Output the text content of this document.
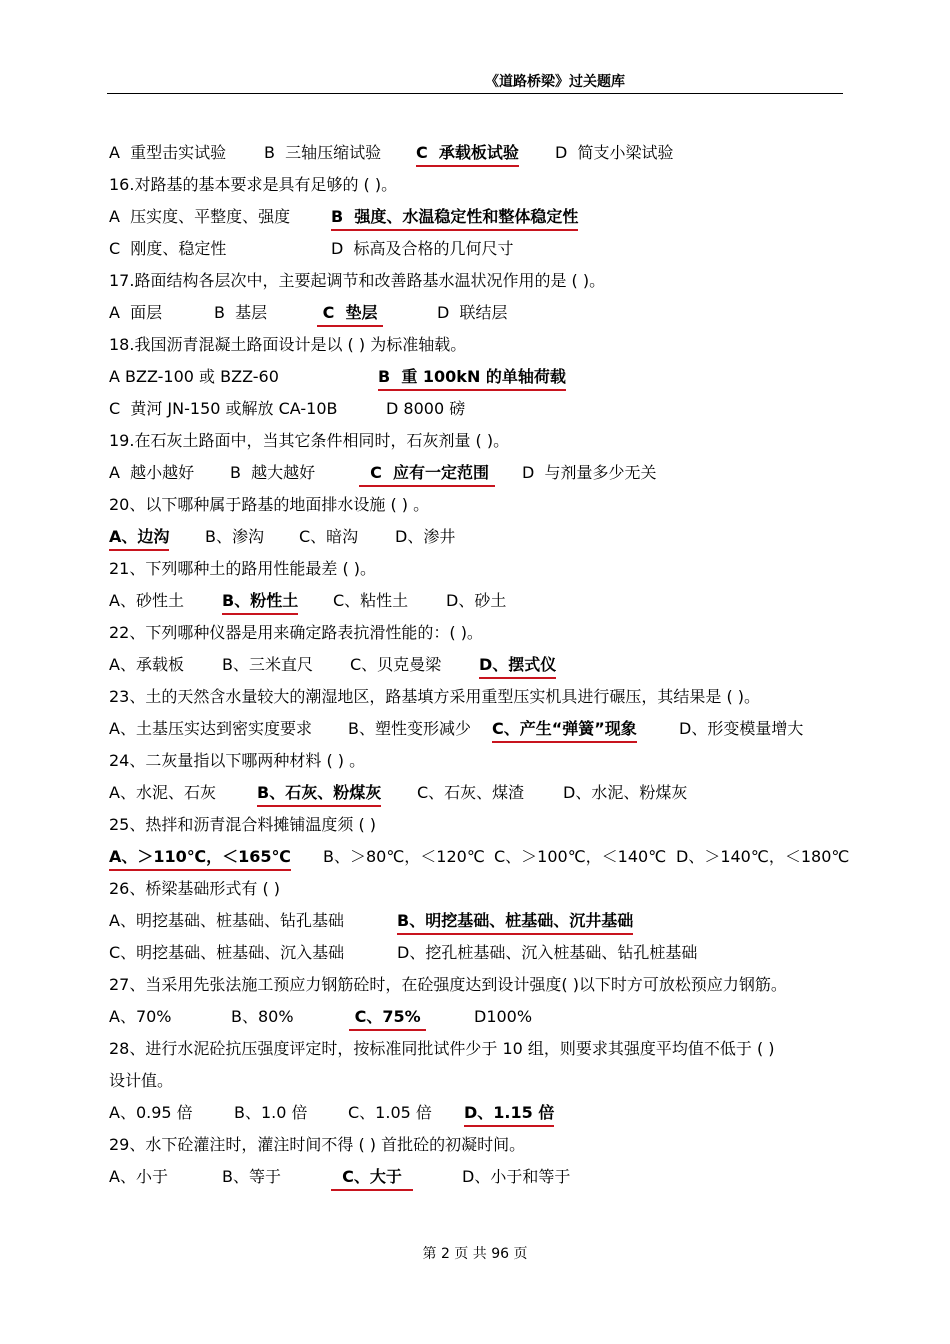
《道路桥梁》过关题库
A  重型击实试验 B  三轴压缩试验 C  承载板试验 D  简支小梁试验
16.对路基的基本要求是具有足够的 ( )。
A  压实度、平整度、强度	B  强度、水温稳定性和整体稳定性
C  刚度、稳定性	D  标高及合格的几何尺寸
17.路面结构各层次中，主要起调节和改善路基水温状况作用的是 ( )。
A  面层	B  基层	C  垫层	D  联结层
18.我国沥青混凝土路面设计是以 ( ) 为标准轴载。
A BZZ-100 或 BZZ-60	B  重 100kN 的单轴荷载
C  黄河 JN-150 或解放 CA-10B	D 8000 磅
19.在石灰土路面中，当其它条件相同时，石灰剂量 ( )。
A  越小越好 B  越大越好	C  应有一定范围 D  与剂量多少无关
20、以下哪种属于路基的地面排水设施 ( ) 。
A、边沟 B、渗沟 C、暗沟 D、渗井
21、下列哪种土的路用性能最差 ( )。
A、砂性土 B、粉性土 C、粘性土 D、砂土
22、下列哪种仪器是用来确定路表抗滑性能的：( )。
A、承载板 B、三米直尺 C、贝克曼梁 D、摆式仪
23、土的天然含水量较大的潮湿地区，路基填方采用重型压实机具进行碾压，其结果是 ( )。
A、土基压实达到密实度要求 B、塑性变形减少 C、产生“弹簧”现象	D、形变模量增大
24、二灰量指以下哪两种材料 ( ) 。
A、水泥、石灰	B、石灰、粉煤灰 C、石灰、煤渣 D、水泥、粉煤灰
25、热拌和沥青混合料摊铺温度须 ( )
A、＞110℃，＜165℃ B、＞80℃，＜120℃ C、＞100℃，＜140℃ D、＞140℃，＜180℃
26、桥梁基础形式有 ( )
A、明挖基础、桩基础、钻孔基础	B、明挖基础、桩基础、沉井基础
C、明挖基础、桩基础、沉入基础	D、挖孔桩基础、沉入桩基础、钻孔桩基础
27、当采用先张法施工预应力钢筋砼时，在砼强度达到设计强度( )以下时方可放松预应力钢筋。
A、70%	B、80%	C、75%	D100%
28、进行水泥砼抗压强度评定时，按标准同批试件少于 10 组，则要求其强度平均值不低于 ( )
设计值。
A、0.95 倍	B、1.0 倍	C、1.05 倍 D、1.15 倍
29、水下砼灌注时，灌注时间不得 ( ) 首批砼的初凝时间。
A、小于	B、等于	C、大于	D、小于和等于
第 2 页 共 96 页
